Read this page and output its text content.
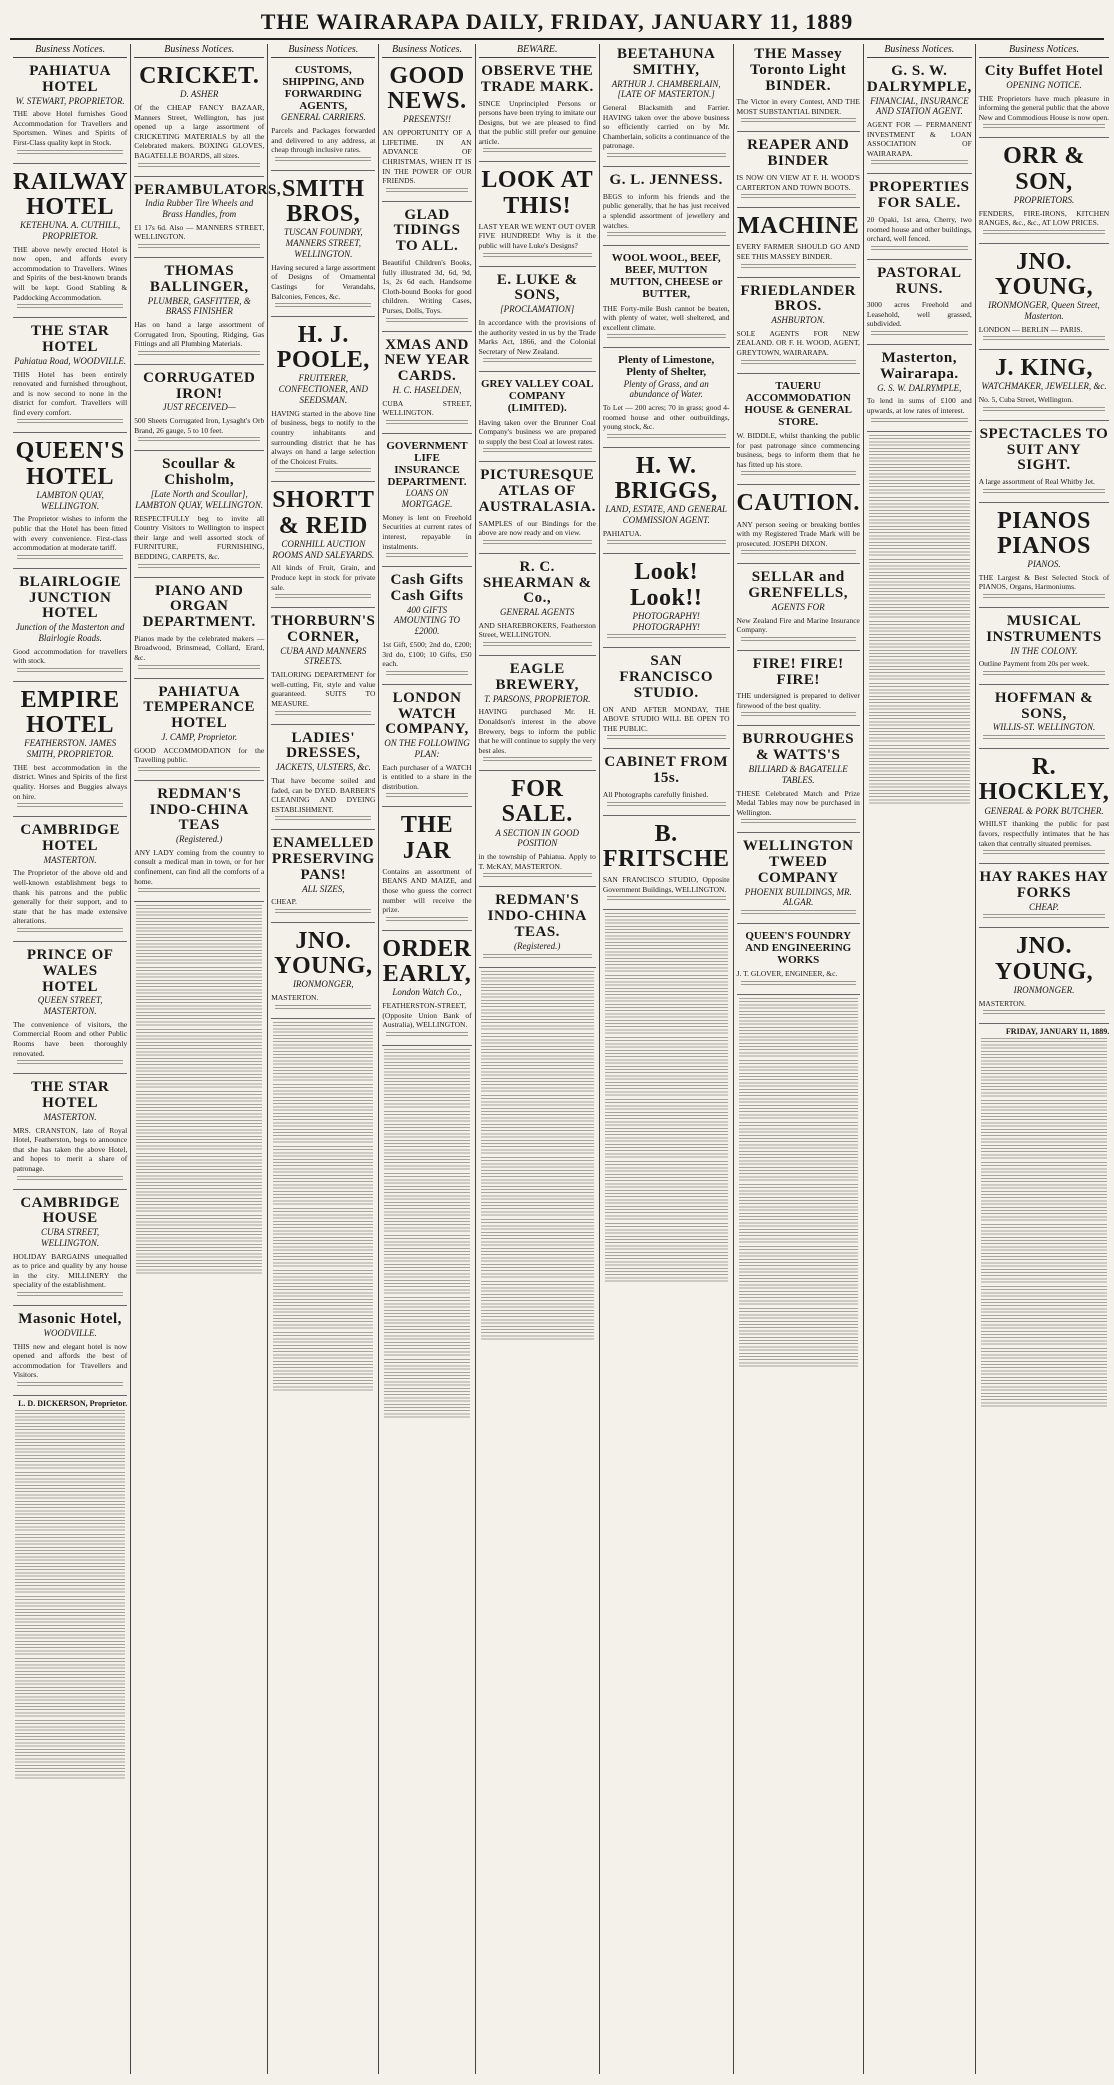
THE WAIRARAPA DAILY, FRIDAY, JANUARY 11, 1889
Business Notices.
PAHIATUA HOTEL
W. STEWART, PROPRIETOR.
THE above Hotel furnishes Good Accommodation for Travellers and Sportsmen. Wines and Spirits of First-Class quality kept in Stock.
RAILWAY HOTEL
KETEHUNA. A. CUTHILL, PROPRIETOR.
THE above newly erected Hotel is now open, and affords every accommodation to Travellers. Wines and Spirits of the best-known brands will be kept. Good Stabling & Paddocking Accommodation.
THE STAR HOTEL
Pahiatua Road, WOODVILLE.
THIS Hotel has been entirely renovated and furnished throughout, and is now second to none in the district for comfort. Travellers will find every comfort.
QUEEN'S HOTEL
LAMBTON QUAY, WELLINGTON.
The Proprietor wishes to inform the public that the Hotel has been fitted with every convenience. First-class accommodation at moderate tariff.
BLAIRLOGIE JUNCTION HOTEL
Junction of the Masterton and Blairlogie Roads.
Good accommodation for travellers with stock.
EMPIRE HOTEL
FEATHERSTON. JAMES SMITH, PROPRIETOR.
THE best accommodation in the district. Wines and Spirits of the first quality. Horses and Buggies always on hire.
CAMBRIDGE HOTEL
MASTERTON.
The Proprietor of the above old and well-known establishment begs to thank his patrons and the public generally for their support, and to state that he has made extensive alterations.
PRINCE OF WALES HOTEL
QUEEN STREET, MASTERTON.
The convenience of visitors, the Commercial Room and other Public Rooms have been thoroughly renovated.
THE STAR HOTEL
MASTERTON.
MRS. CRANSTON, late of Royal Hotel, Featherston, begs to announce that she has taken the above Hotel, and hopes to merit a share of patronage.
CAMBRIDGE HOUSE
CUBA STREET, WELLINGTON.
HOLIDAY BARGAINS unequalled as to price and quality by any house in the city. MILLINERY the speciality of the establishment.
Masonic Hotel,
WOODVILLE.
THIS new and elegant hotel is now opened and affords the best of accommodation for Travellers and Visitors.
L. D. DICKERSON, Proprietor.
Business Notices.
CRICKET.
D. ASHER
Of the CHEAP FANCY BAZAAR, Manners Street, Wellington, has just opened up a large assortment of CRICKETING MATERIALS by all the Celebrated makers. BOXING GLOVES, BAGATELLE BOARDS, all sizes.
PERAMBULATORS,
India Rubber Tire Wheels and Brass Handles, from
£1 17s 6d. Also — MANNERS STREET, WELLINGTON.
THOMAS BALLINGER,
PLUMBER, GASFITTER, & BRASS FINISHER
Has on hand a large assortment of Corrugated Iron, Spouting, Ridging, Gas Fittings and all Plumbing Materials.
CORRUGATED IRON!
JUST RECEIVED—
500 Sheets Corrugated Iron, Lysaght's Orb Brand, 26 gauge, 5 to 10 feet.
Scoullar & Chisholm,
[Late North and Scoullar], LAMBTON QUAY, WELLINGTON.
RESPECTFULLY beg to invite all Country Visitors to Wellington to inspect their large and well assorted stock of FURNITURE, FURNISHING, BEDDING, CARPETS, &c.
PIANO AND ORGAN DEPARTMENT.
Pianos made by the celebrated makers — Broadwood, Brinsmead, Collard, Erard, &c.
PAHIATUA TEMPERANCE HOTEL
J. CAMP, Proprietor.
GOOD ACCOMMODATION for the Travelling public.
REDMAN'S INDO-CHINA TEAS
(Registered.)
ANY LADY coming from the country to consult a medical man in town, or for her confinement, can find all the comforts of a home.
Business Notices.
CUSTOMS, SHIPPING, AND FORWARDING AGENTS,
GENERAL CARRIERS.
Parcels and Packages forwarded and delivered to any address, at cheap through inclusive rates.
SMITH BROS,
TUSCAN FOUNDRY, MANNERS STREET, WELLINGTON.
Having secured a large assortment of Designs of Ornamental Castings for Verandahs, Balconies, Fences, &c.
H. J. POOLE,
FRUITERER, CONFECTIONER, AND SEEDSMAN.
HAVING started in the above line of business, begs to notify to the country inhabitants and surrounding district that he has always on hand a large selection of the Choicest Fruits.
SHORTT & REID
CORNHILL AUCTION ROOMS AND SALEYARDS.
All kinds of Fruit, Grain, and Produce kept in stock for private sale.
THORBURN'S CORNER,
CUBA AND MANNERS STREETS.
TAILORING DEPARTMENT for well-cutting, Fit, style and value guaranteed. SUITS TO MEASURE.
LADIES' DRESSES,
JACKETS, ULSTERS, &c.
That have become soiled and faded, can be DYED. BARBER'S CLEANING AND DYEING ESTABLISHMENT.
ENAMELLED PRESERVING PANS!
ALL SIZES,
CHEAP.
JNO. YOUNG,
IRONMONGER,
MASTERTON.
Business Notices.
GOOD NEWS.
PRESENTS!!
AN OPPORTUNITY OF A LIFETIME. IN AN ADVANCE OF CHRISTMAS, WHEN IT IS IN THE POWER OF OUR FRIENDS.
GLAD TIDINGS TO ALL.
Beautiful Children's Books, fully illustrated 3d, 6d, 9d, 1s, 2s 6d each. Handsome Cloth-bound Books for good children. Writing Cases, Purses, Dolls, Toys.
XMAS AND NEW YEAR CARDS.
H. C. HASELDEN,
CUBA STREET, WELLINGTON.
GOVERNMENT LIFE INSURANCE DEPARTMENT.
LOANS ON MORTGAGE.
Money is lent on Freehold Securities at current rates of interest, repayable in instalments.
Cash Gifts Cash Gifts
400 GIFTS AMOUNTING TO £2000.
1st Gift, £500; 2nd do, £200; 3rd do, £100; 10 Gifts, £50 each.
LONDON WATCH COMPANY,
ON THE FOLLOWING PLAN:
Each purchaser of a WATCH is entitled to a share in the distribution.
THE JAR
Contains an assortment of BEANS AND MAIZE, and those who guess the correct number will receive the prize.
ORDER EARLY,
London Watch Co.,
FEATHERSTON-STREET, (Opposite Union Bank of Australia), WELLINGTON.
BEWARE.
OBSERVE THE TRADE MARK.
SINCE Unprincipled Persons or persons have been trying to imitate our Designs, but we are pleased to find that the public still prefer our genuine article.
LOOK AT THIS!
LAST YEAR WE WENT OUT OVER FIVE HUNDRED! Why is it the public will have Luke's Designs?
E. LUKE & SONS,
[PROCLAMATION]
In accordance with the provisions of the authority vested in us by the Trade Marks Act, 1866, and the Colonial Secretary of New Zealand.
GREY VALLEY COAL COMPANY (LIMITED).
Having taken over the Brunner Coal Company's business we are prepared to supply the best Coal at lowest rates.
PICTURESQUE ATLAS OF AUSTRALASIA.
SAMPLES of our Bindings for the above are now ready and on view.
R. C. SHEARMAN & Co.,
GENERAL AGENTS
AND SHAREBROKERS, Featherston Street, WELLINGTON.
EAGLE BREWERY,
T. PARSONS, PROPRIETOR.
HAVING purchased Mr. H. Donaldson's interest in the above Brewery, begs to inform the public that he will continue to supply the very best ales.
FOR SALE.
A SECTION IN GOOD POSITION
in the township of Pahiatua. Apply to T. McKAY, MASTERTON.
REDMAN'S INDO-CHINA TEAS.
(Registered.)
BEETAHUNA SMITHY,
ARTHUR J. CHAMBERLAIN, [LATE OF MASTERTON.]
General Blacksmith and Farrier. HAVING taken over the above business so efficiently carried on by Mr. Chamberlain, solicits a continuance of the patronage.
G. L. JENNESS.
BEGS to inform his friends and the public generally, that he has just received a splendid assortment of jewellery and watches.
WOOL WOOL, BEEF, BEEF, MUTTON MUTTON, CHEESE or BUTTER,
THE Forty-mile Bush cannot be beaten, with plenty of water, well sheltered, and excellent climate.
Plenty of Limestone, Plenty of Shelter,
Plenty of Grass, and an abundance of Water.
To Let — 200 acres; 70 in grass; good 4-roomed house and other outbuildings, young stock, &c.
H. W. BRIGGS,
LAND, ESTATE, AND GENERAL COMMISSION AGENT.
PAHIATUA.
Look! Look!!
PHOTOGRAPHY! PHOTOGRAPHY!
SAN FRANCISCO STUDIO.
ON AND AFTER MONDAY, THE ABOVE STUDIO WILL BE OPEN TO THE PUBLIC.
CABINET FROM 15s.
All Photographs carefully finished.
B. FRITSCHE
SAN FRANCISCO STUDIO, Opposite Government Buildings, WELLINGTON.
THE Massey Toronto Light BINDER.
The Victor in every Contest, AND THE MOST SUBSTANTIAL BINDER.
REAPER AND BINDER
IS NOW ON VIEW AT F. H. WOOD'S CARTERTON AND TOWN BOOTS.
MACHINE
EVERY FARMER SHOULD GO AND SEE THIS MASSEY BINDER.
FRIEDLANDER BROS.
ASHBURTON.
SOLE AGENTS FOR NEW ZEALAND. OR F. H. WOOD, AGENT, GREYTOWN, WAIRARAPA.
TAUERU ACCOMMODATION HOUSE & GENERAL STORE.
W. BIDDLE, whilst thanking the public for past patronage since commencing business, begs to inform them that he has fitted up his store.
CAUTION.
ANY person seeing or breaking bottles with my Registered Trade Mark will be prosecuted. JOSEPH DIXON.
SELLAR and GRENFELLS,
AGENTS FOR
New Zealand Fire and Marine Insurance Company.
FIRE! FIRE! FIRE!
THE undersigned is prepared to deliver firewood of the best quality.
BURROUGHES & WATTS'S
BILLIARD & BAGATELLE TABLES.
THESE Celebrated Match and Prize Medal Tables may now be purchased in Wellington.
WELLINGTON TWEED COMPANY
PHOENIX BUILDINGS, MR. ALGAR.
QUEEN'S FOUNDRY AND ENGINEERING WORKS
J. T. GLOVER, ENGINEER, &c.
Business Notices.
G. S. W. DALRYMPLE,
FINANCIAL, INSURANCE AND STATION AGENT.
AGENT FOR — PERMANENT INVESTMENT & LOAN ASSOCIATION OF WAIRARAPA.
PROPERTIES FOR SALE.
20 Opaki, 1st area, Cherry, two roomed house and other buildings, orchard, well fenced.
PASTORAL RUNS.
3000 acres Freehold and Leasehold, well grassed, subdivided.
Masterton, Wairarapa.
G. S. W. DALRYMPLE,
To lend in sums of £100 and upwards, at low rates of interest.
Business Notices.
City Buffet Hotel
OPENING NOTICE.
THE Proprietors have much pleasure in informing the general public that the above New and Commodious House is now open.
ORR & SON,
PROPRIETORS.
FENDERS, FIRE-IRONS, KITCHEN RANGES, &c., &c., AT LOW PRICES.
JNO. YOUNG,
IRONMONGER, Queen Street, Masterton.
LONDON — BERLIN — PARIS.
J. KING,
WATCHMAKER, JEWELLER, &c.
No. 5, Cuba Street, Wellington.
SPECTACLES TO SUIT ANY SIGHT.
A large assortment of Real Whitby Jet.
PIANOS PIANOS
PIANOS.
THE Largest & Best Selected Stock of PIANOS, Organs, Harmoniums.
MUSICAL INSTRUMENTS
IN THE COLONY.
Outline Payment from 20s per week.
HOFFMAN & SONS,
WILLIS-ST. WELLINGTON.
R. HOCKLEY,
GENERAL & PORK BUTCHER.
WHILST thanking the public for past favors, respectfully intimates that he has taken that centrally situated premises.
HAY RAKES HAY FORKS
CHEAP.
JNO. YOUNG,
IRONMONGER.
MASTERTON.
FRIDAY, JANUARY 11, 1889.
